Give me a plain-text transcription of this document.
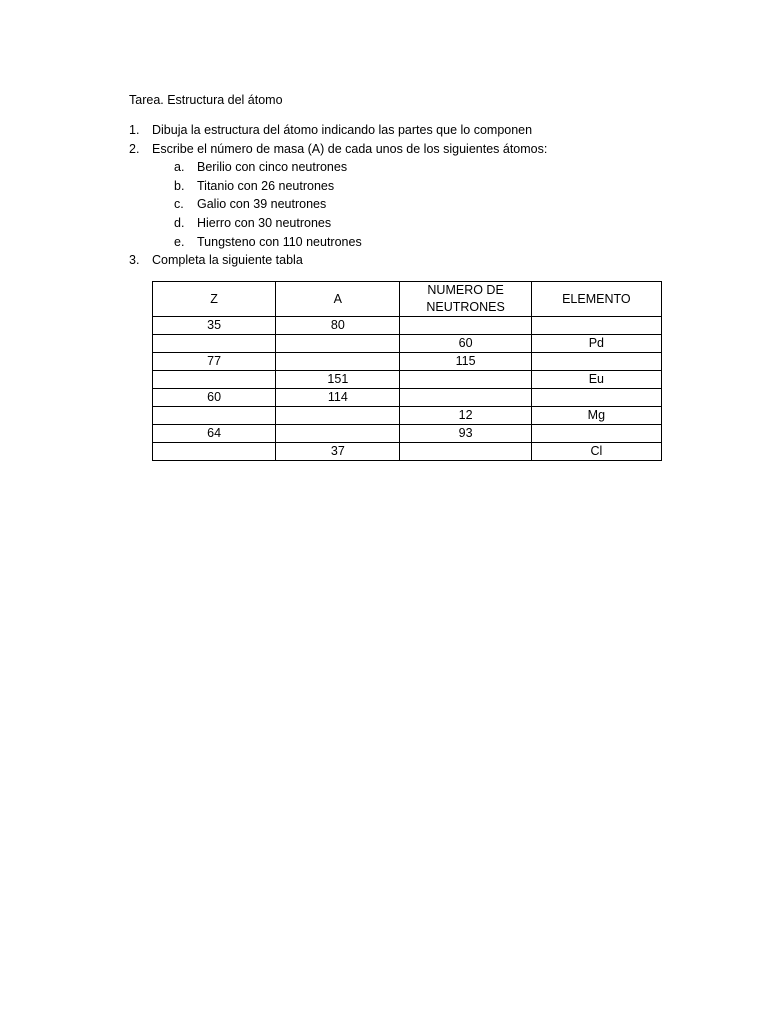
Tarea. Estructura del átomo
1.	Dibuja la estructura del átomo indicando las partes que lo componen
2.	Escribe el número de masa (A) de cada unos de los siguientes átomos:
a.	Berilio con cinco neutrones
b.	Titanio con 26 neutrones
c.	Galio con 39 neutrones
d.	Hierro con 30 neutrones
e.	Tungsteno con 110 neutrones
3.	Completa la siguiente tabla
Z	A	NUMERO DE NEUTRONES	ELEMENTO
35	80		
		60	Pd
77		115	
	151		Eu
60	114		
		12	Mg
64		93	
	37		Cl
